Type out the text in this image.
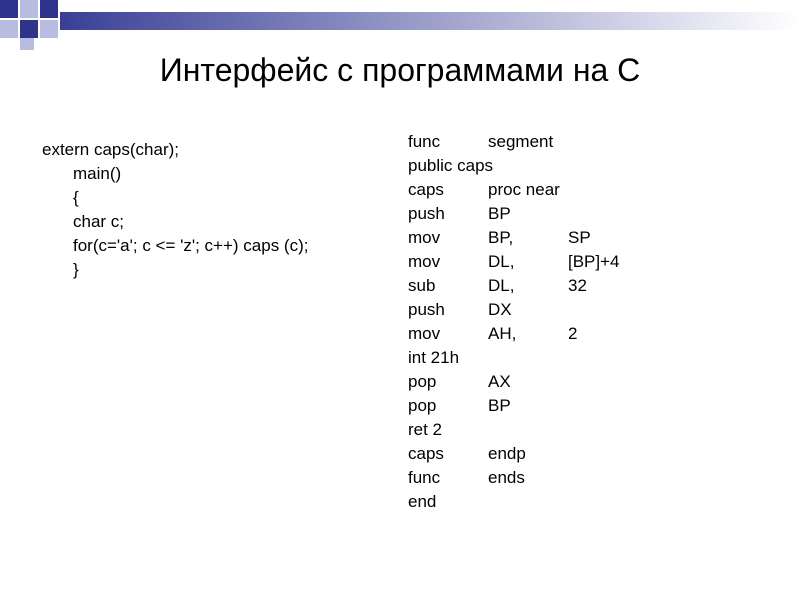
Интерфейс с программами на С
extern caps(char);
main()
{
char c;
for(c='a'; c <= 'z'; c++) caps (c);
}
func	segment
public caps
caps	proc near
push	BP
mov	BP,	SP
mov	DL,	[BP]+4
sub	DL,	32
push	DX
mov	AH,	2
int 21h
pop	AX
pop	BP
ret 2
caps	endp
func	ends
end
